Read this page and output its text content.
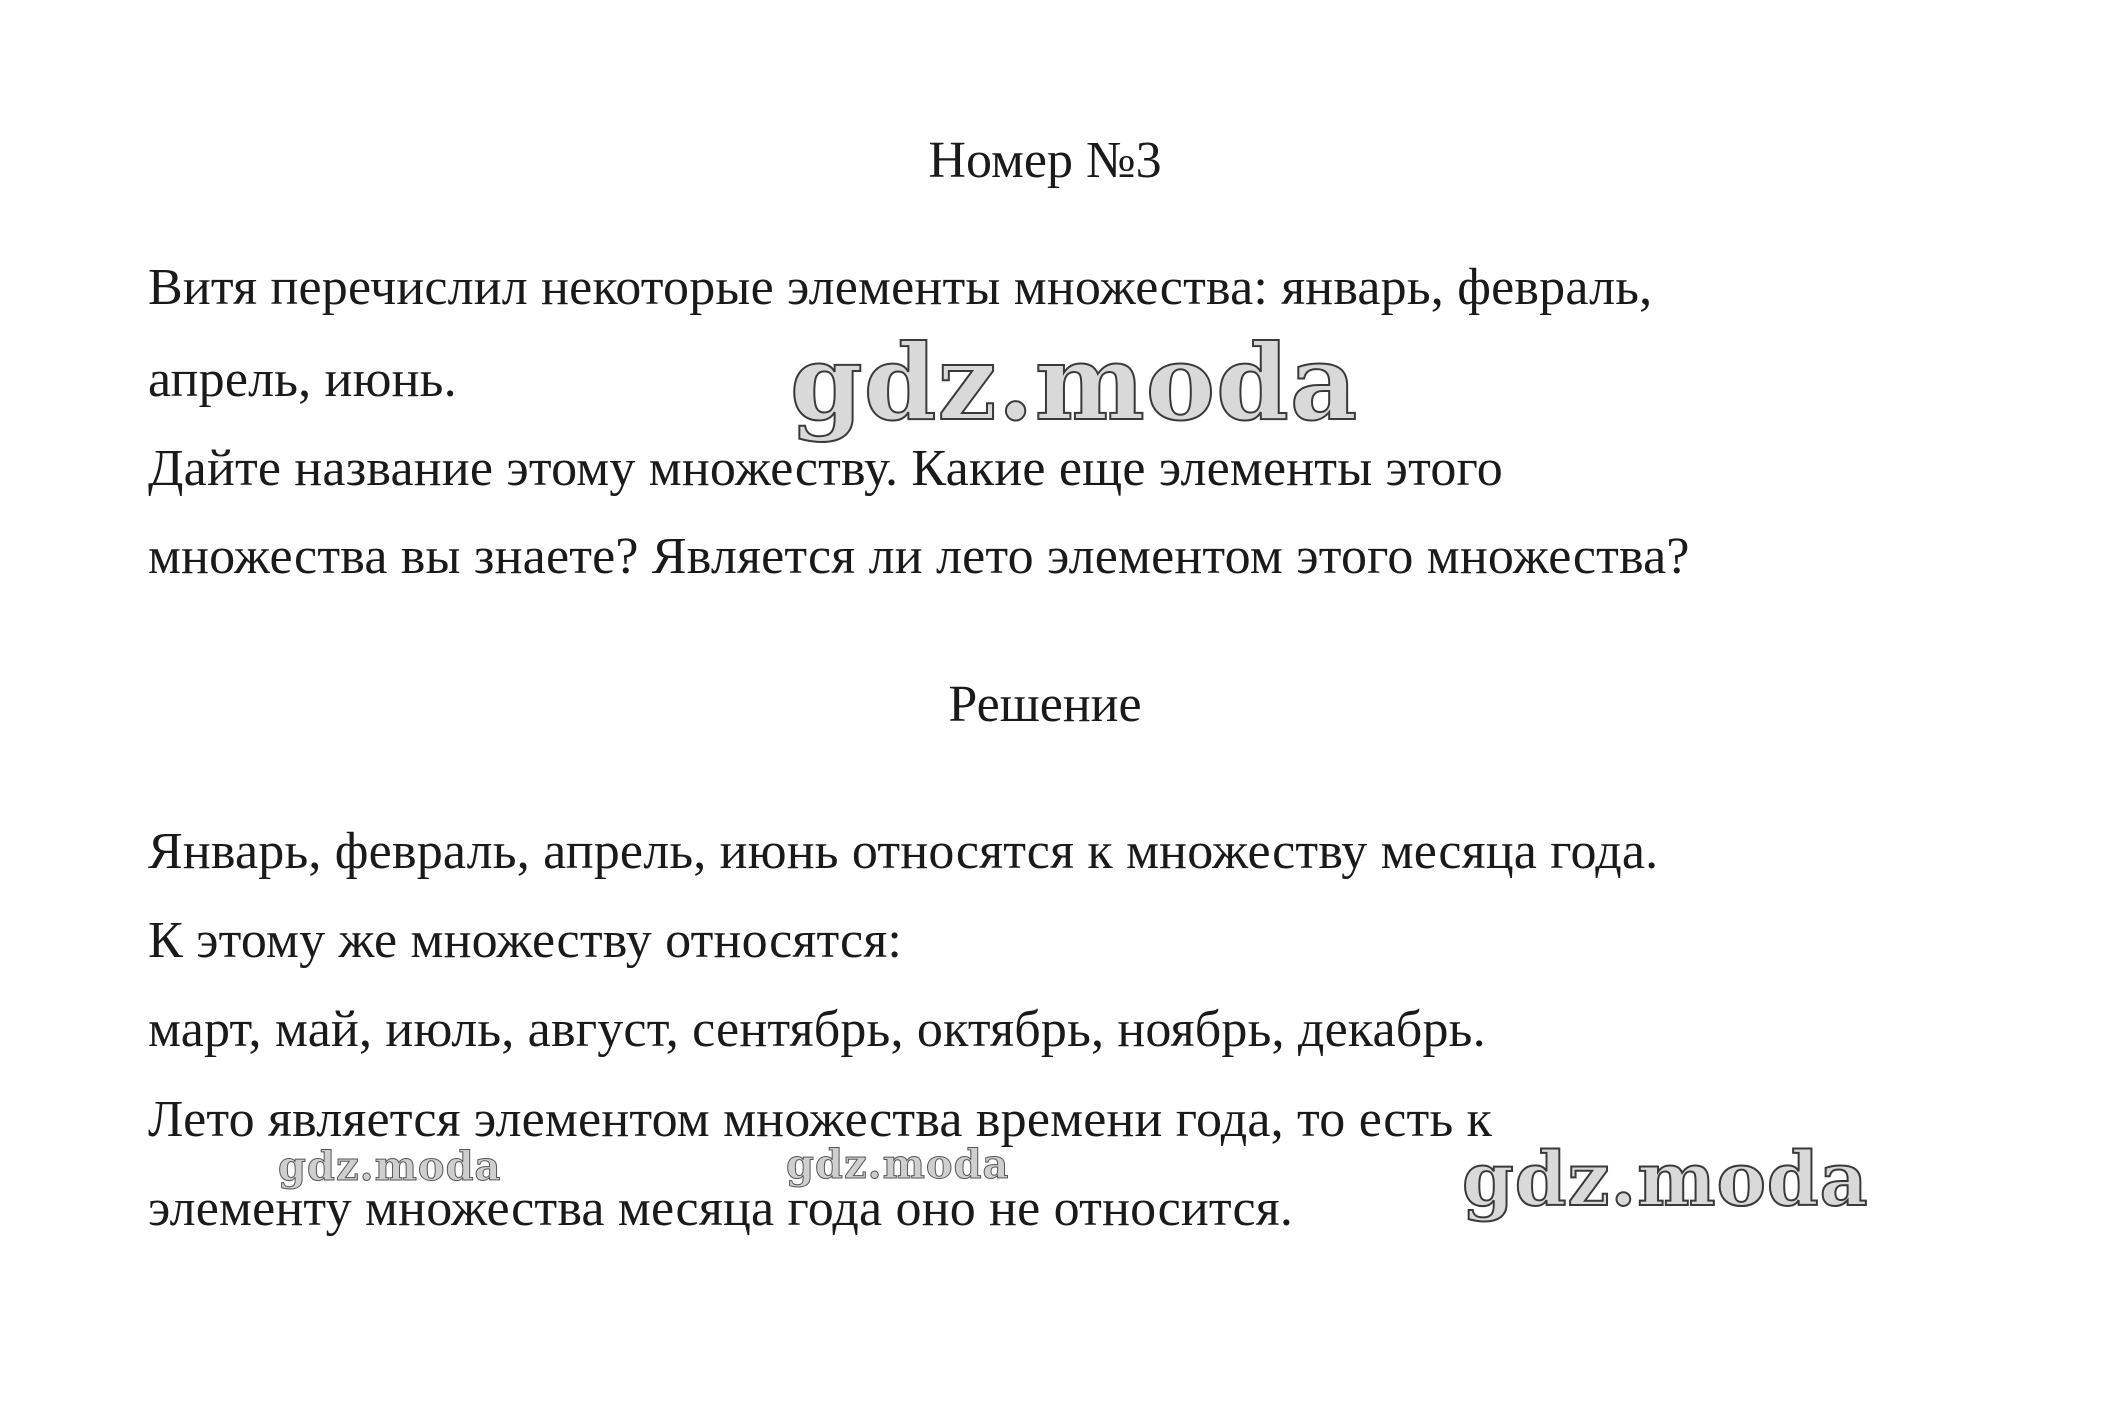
Номер №3
Витя перечислил некоторые элементы множества: январь, февраль,
апрель, июнь.
Дайте название этому множеству. Какие еще элементы этого
множества вы знаете? Является ли лето элементом этого множества?
Решение
Январь, февраль, апрель, июнь относятся к множеству месяца года.
К этому же множеству относятся:
март, май, июль, август, сентябрь, октябрь, ноябрь, декабрь.
Лето является элементом множества времени года, то есть к
элементу множества месяца года оно не относится.
gdz.moda
gdz.moda	gdz.moda	gdz.moda
